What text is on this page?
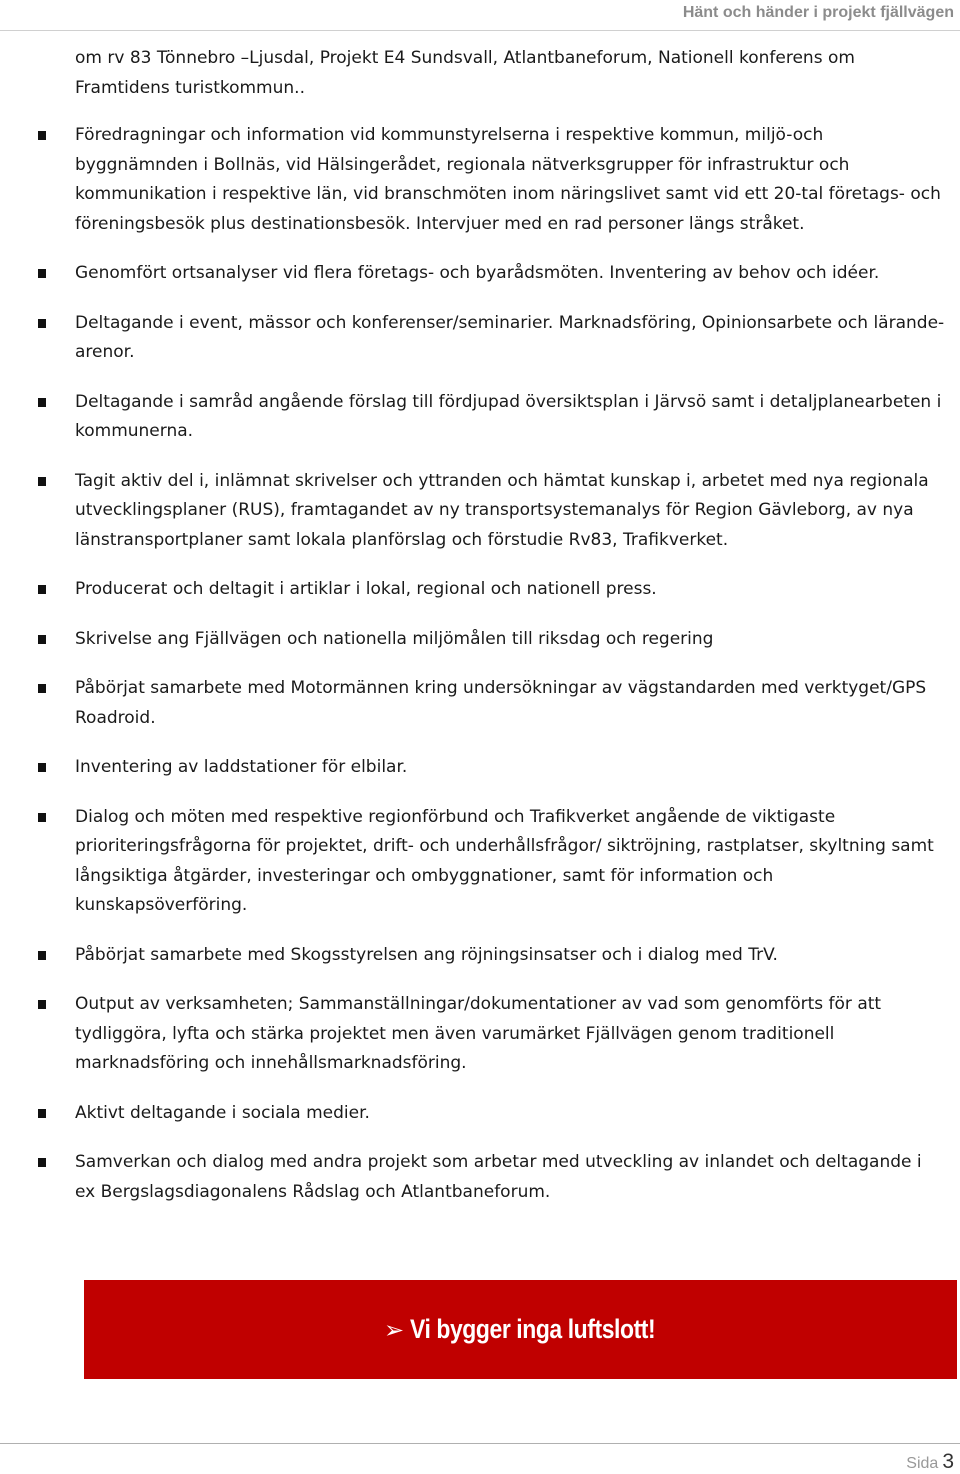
Hänt och händer i projekt fjällvägen
om rv 83 Tönnebro –Ljusdal, Projekt E4 Sundsvall, Atlantbaneforum, Nationell konferens om Framtidens turistkommun..
Föredragningar och information vid kommunstyrelserna i respektive kommun, miljö-och byggnämnden i Bollnäs, vid Hälsingerådet, regionala nätverksgrupper för infrastruktur och kommunikation i respektive län, vid branschmöten inom näringslivet samt vid ett 20-tal företags- och föreningsbesök plus destinationsbesök. Intervjuer med en rad personer längs stråket.
Genomfört ortsanalyser vid flera företags- och byarådsmöten. Inventering av behov och idéer.
Deltagande i event, mässor och konferenser/seminarier. Marknadsföring, Opinionsarbete och lärande-arenor.
Deltagande i samråd angående förslag till fördjupad översiktsplan i Järvsö samt i detaljplanearbeten i kommunerna.
Tagit aktiv del i, inlämnat skrivelser och yttranden och hämtat kunskap i, arbetet med nya regionala utvecklingsplaner (RUS), framtagandet av ny transportsystemanalys för Region Gävleborg, av nya länstransportplaner samt lokala planförslag och förstudie Rv83, Trafikverket.
Producerat och deltagit i artiklar i lokal, regional och nationell press.
Skrivelse ang Fjällvägen och nationella miljömålen till riksdag och regering
Påbörjat samarbete med Motormännen kring undersökningar av vägstandarden med verktyget/GPS Roadroid.
Inventering av laddstationer för elbilar.
Dialog och möten med respektive regionförbund och Trafikverket angående de viktigaste prioriteringsfrågorna för projektet, drift- och underhållsfrågor/ siktröjning, rastplatser, skyltning samt långsiktiga åtgärder, investeringar och ombyggnationer, samt för information och kunskapsöverföring.
Påbörjat samarbete med Skogsstyrelsen ang röjningsinsatser och i dialog med TrV.
Output av verksamheten; Sammanställningar/dokumentationer av vad som genomförts för att tydliggöra, lyfta och stärka projektet men även varumärket Fjällvägen genom traditionell marknadsföring och innehållsmarknadsföring.
Aktivt deltagande i sociala medier.
Samverkan och dialog med andra projekt som arbetar med utveckling av inlandet och deltagande i ex Bergslagsdiagonalens Rådslag och Atlantbaneforum.
➢ Vi bygger inga luftslott!
Sida 3
